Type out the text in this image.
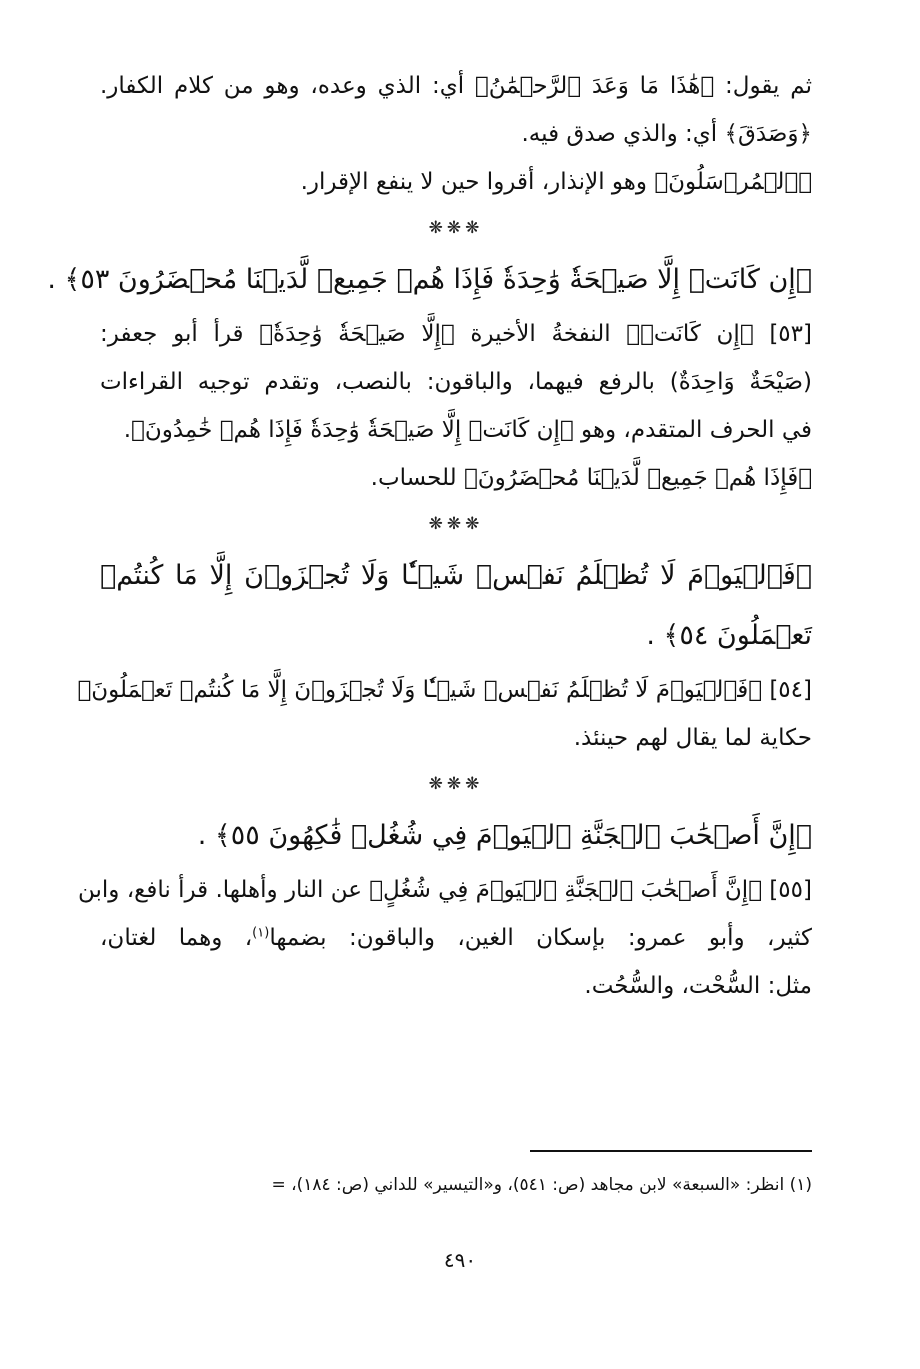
ثم يقول: ﴿هَٰذَا مَا وَعَدَ ٱلرَّحۡمَٰنُ﴾ أي: الذي وعده، وهو من كلام الكفار.
﴿وَصَدَقَ﴾ أي: والذي صدق فيه.
﴿ٱلۡمُرۡسَلُونَ﴾ وهو الإنذار، أقروا حين لا ينفع الإقرار.
❋❋❋
﴿إِن كَانَتۡ إِلَّا صَيۡحَةٗ وَٰحِدَةٗ فَإِذَا هُمۡ جَمِيعٞ لَّدَيۡنَا مُحۡضَرُونَ ٥٣﴾ .
[٥٣] ﴿إِن كَانَتۡ﴾ النفخةُ الأخيرة ﴿إِلَّا صَيۡحَةٗ وَٰحِدَةٗ﴾ قرأ أبو جعفر:
(صَيْحَةٌ وَاحِدَةٌ) بالرفع فيهما، والباقون: بالنصب، وتقدم توجيه القراءات
في الحرف المتقدم، وهو ﴿إِن كَانَتۡ إِلَّا صَيۡحَةٗ وَٰحِدَةٗ فَإِذَا هُمۡ خَٰمِدُونَ﴾.
﴿فَإِذَا هُمۡ جَمِيعٞ لَّدَيۡنَا مُحۡضَرُونَ﴾ للحساب.
❋❋❋
﴿فَٱلۡيَوۡمَ لَا تُظۡلَمُ نَفۡسٞ شَيۡـٔٗا وَلَا تُجۡزَوۡنَ إِلَّا مَا كُنتُمۡ
تَعۡمَلُونَ ٥٤﴾ .
[٥٤] ﴿فَٱلۡيَوۡمَ لَا تُظۡلَمُ نَفۡسٞ شَيۡـٔٗا وَلَا تُجۡزَوۡنَ إِلَّا مَا كُنتُمۡ تَعۡمَلُونَ﴾
حكاية لما يقال لهم حينئذ.
❋❋❋
﴿إِنَّ أَصۡحَٰبَ ٱلۡجَنَّةِ ٱلۡيَوۡمَ فِي شُغُلٖ فَٰكِهُونَ ٥٥﴾ .
[٥٥] ﴿إِنَّ أَصۡحَٰبَ ٱلۡجَنَّةِ ٱلۡيَوۡمَ فِي شُغُلٍ﴾ عن النار وأهلها. قرأ نافع، وابن
كثير، وأبو عمرو: بإسكان الغين، والباقون: بضمها$^{(١)}$، وهما لغتان،
مثل: السُّحْت، والسُّحُت.
(١) انظر: «السبعة» لابن مجاهد (ص: ٥٤١)، و«التيسير» للداني (ص: ١٨٤)، =
٤٩٠
